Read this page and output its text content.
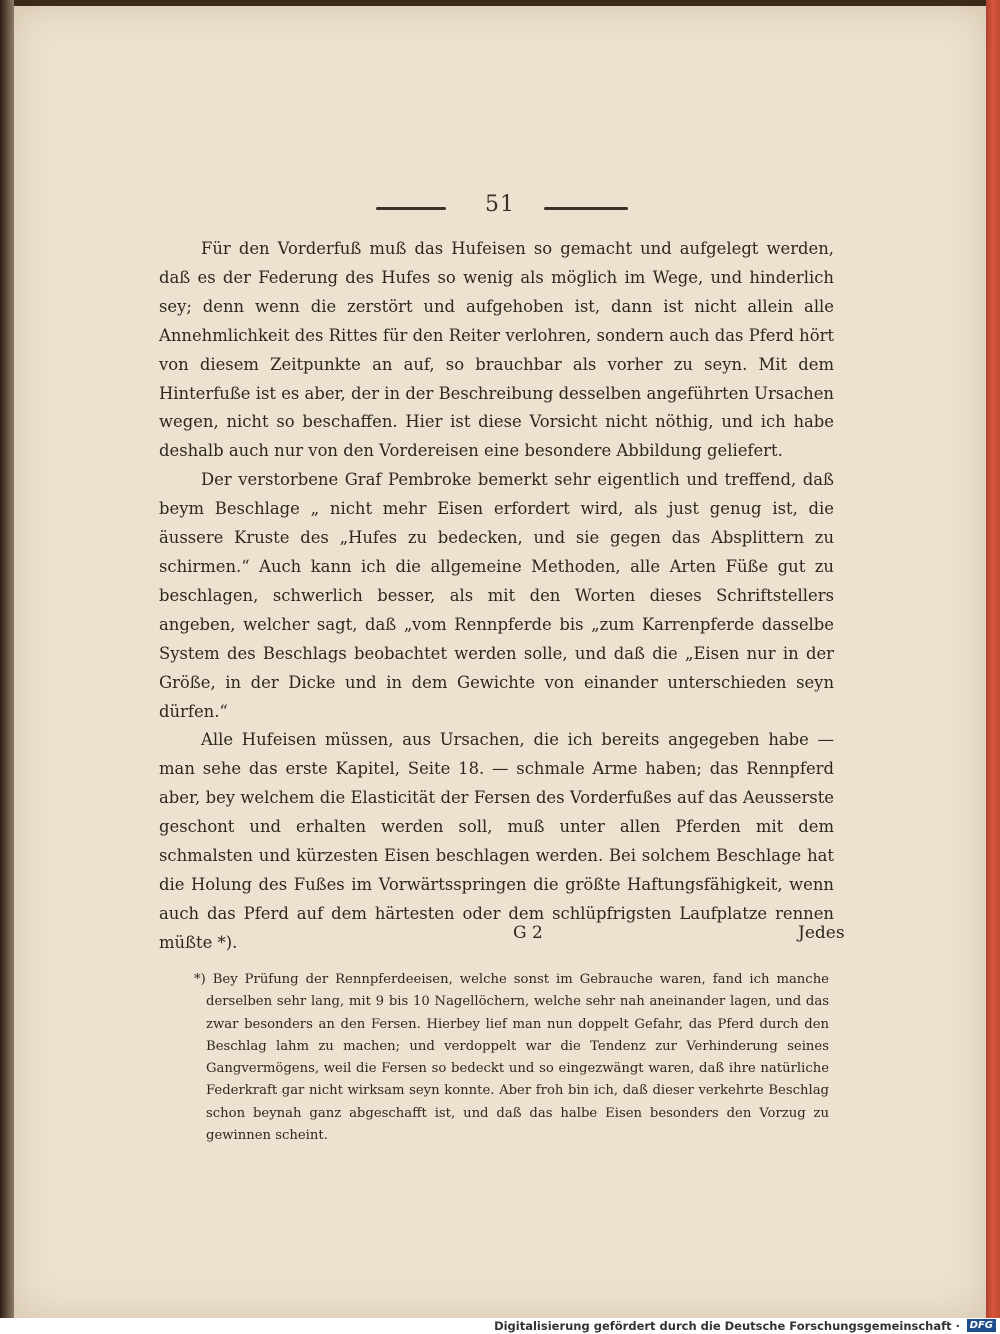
51

Für den Vorderfuß muß das Hufeisen so gemacht und aufgelegt werden, daß es der Federung des Hufes so wenig als möglich im Wege, und hinderlich sey; denn wenn die zerstört und aufgehoben ist, dann ist nicht allein alle Annehmlichkeit des Rittes für den Reiter verlohren, sondern auch das Pferd hört von diesem Zeitpunkte an auf, so brauchbar als vorher zu seyn. Mit dem Hinterfuße ist es aber, der in der Beschreibung desselben angeführten Ursachen wegen, nicht so beschaffen. Hier ist diese Vorsicht nicht nöthig, und ich habe deshalb auch nur von den Vordereisen eine besondere Abbildung geliefert.

Der verstorbene Graf Pembroke bemerkt sehr eigentlich und treffend, daß beym Beschlage „ nicht mehr Eisen erfordert wird, als just genug ist, die äussere Kruste des „Hufes zu bedecken, und sie gegen das Absplittern zu schirmen.“ Auch kann ich die allgemeine Methoden, alle Arten Füße gut zu beschlagen, schwerlich besser, als mit den Worten dieses Schriftstellers angeben, welcher sagt, daß „vom Rennpferde bis „zum Karrenpferde dasselbe System des Beschlags beobachtet werden solle, und daß die „Eisen nur in der Größe, in der Dicke und in dem Gewichte von einander unterschieden seyn dürfen.“

Alle Hufeisen müssen, aus Ursachen, die ich bereits angegeben habe — man sehe das erste Kapitel, Seite 18. — schmale Arme haben; das Rennpferd aber, bey welchem die Elasticität der Fersen des Vorderfußes auf das Aeusserste geschont und erhalten werden soll, muß unter allen Pferden mit dem schmalsten und kürzesten Eisen beschlagen werden. Bei solchem Beschlage hat die Holung des Fußes im Vorwärtsspringen die größte Haftungsfähigkeit, wenn auch das Pferd auf dem härtesten oder dem schlüpfrigsten Laufplatze rennen müßte *).	G 2	Jedes

*) Bey Prüfung der Rennpferdeeisen, welche sonst im Gebrauche waren, fand ich manche derselben sehr lang, mit 9 bis 10 Nagellöchern, welche sehr nah aneinander lagen, und das zwar besonders an den Fersen. Hierbey lief man nun doppelt Gefahr, das Pferd durch den Beschlag lahm zu machen; und verdoppelt war die Tendenz zur Verhinderung seines Gangvermögens, weil die Fersen so bedeckt und so eingezwängt waren, daß ihre natürliche Federkraft gar nicht wirksam seyn konnte. Aber froh bin ich, daß dieser verkehrte Beschlag schon beynah ganz abgeschafft ist, und daß das halbe Eisen besonders den Vorzug zu gewinnen scheint.

Digitalisierung gefördert durch die Deutsche Forschungsgemeinschaft · DFG
